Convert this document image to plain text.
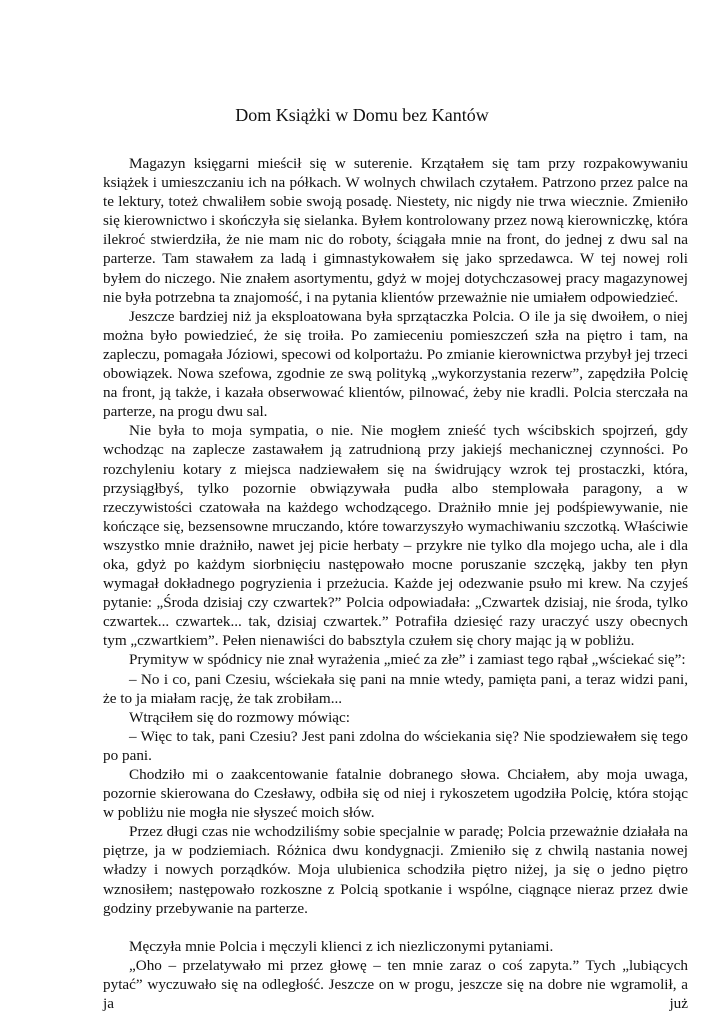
Dom Książki w Domu bez Kantów

Magazyn księgarni mieścił się w suterenie. Krzątałem się tam przy rozpakowywaniu książek i umieszczaniu ich na półkach. W wolnych chwilach czytałem. Patrzono przez palce na te lektury, toteż chwaliłem sobie swoją posadę. Niestety, nic nigdy nie trwa wiecznie. Zmieniło się kierownictwo i skończyła się sielanka. Byłem kontrolowany przez nową kierowniczkę, która ilekroć stwierdziła, że nie mam nic do roboty, ściągała mnie na front, do jednej z dwu sal na parterze. Tam stawałem za ladą i gimnastykowałem się jako sprzedawca. W tej nowej roli byłem do niczego. Nie znałem asortymentu, gdyż w mojej dotychczasowej pracy magazynowej nie była potrzebna ta znajomość, i na pytania klientów przeważnie nie umiałem odpowiedzieć.

Jeszcze bardziej niż ja eksploatowana była sprzątaczka Polcia. O ile ja się dwoiłem, o niej można było powiedzieć, że się troiła. Po zamieceniu pomieszczeń szła na piętro i tam, na zapleczu, pomagała Józiowi, specowi od kolportażu. Po zmianie kierownictwa przybył jej trzeci obowiązek. Nowa szefowa, zgodnie ze swą polityką „wykorzystania rezerw”, zapędziła Polcię na front, ją także, i kazała obserwować klientów, pilnować, żeby nie kradli. Polcia sterczała na parterze, na progu dwu sal.

Nie była to moja sympatia, o nie. Nie mogłem znieść tych wścibskich spojrzeń, gdy wchodząc na zaplecze zastawałem ją zatrudnioną przy jakiejś mechanicznej czynności. Po rozchyleniu kotary z miejsca nadziewałem się na świdrujący wzrok tej prostaczki, która, przysiągłbyś, tylko pozornie obwiązywała pudła albo stemplowała paragony, a w rzeczywistości czatowała na każdego wchodzącego. Drażniło mnie jej podśpiewywanie, nie kończące się, bezsensowne mruczando, które towarzyszyło wymachiwaniu szczotką. Właściwie wszystko mnie drażniło, nawet jej picie herbaty – przykre nie tylko dla mojego ucha, ale i dla oka, gdyż po każdym siorbnięciu następowało mocne poruszanie szczęką, jakby ten płyn wymagał dokładnego pogryzienia i przeżucia. Każde jej odezwanie psuło mi krew. Na czyjeś pytanie: „Środa dzisiaj czy czwartek?” Polcia odpowiadała: „Czwartek dzisiaj, nie środa, tylko czwartek... czwartek... tak, dzisiaj czwartek.” Potrafiła dziesięć razy uraczyć uszy obecnych tym „czwartkiem”. Pełen nienawiści do babsztyla czułem się chory mając ją w pobliżu.

Prymityw w spódnicy nie znał wyrażenia „mieć za złe” i zamiast tego rąbał „wściekać się”:

– No i co, pani Czesiu, wściekała się pani na mnie wtedy, pamięta pani, a teraz widzi pani, że to ja miałam rację, że tak zrobiłam...

Wtrąciłem się do rozmowy mówiąc:

– Więc to tak, pani Czesiu? Jest pani zdolna do wściekania się? Nie spodziewałem się tego po pani.

Chodziło mi o zaakcentowanie fatalnie dobranego słowa. Chciałem, aby moja uwaga, pozornie skierowana do Czesławy, odbiła się od niej i rykoszetem ugodziła Polcię, która stojąc w pobliżu nie mogła nie słyszeć moich słów.

Przez długi czas nie wchodziliśmy sobie specjalnie w paradę; Polcia przeważnie działała na piętrze, ja w podziemiach. Różnica dwu kondygnacji. Zmieniło się z chwilą nastania nowej władzy i nowych porządków. Moja ulubienica schodziła piętro niżej, ja się o jedno piętro wznosiłem; następowało rozkoszne z Polcią spotkanie i wspólne, ciągnące nieraz przez dwie godziny przebywanie na parterze.

Męczyła mnie Polcia i męczyli klienci z ich niezliczonymi pytaniami.

„Oho – przelatywało mi przez głowę – ten mnie zaraz o coś zapyta.” Tych „lubiących pytać” wyczuwało się na odległość. Jeszcze on w progu, jeszcze się na dobre nie wgramolił, a ja już
